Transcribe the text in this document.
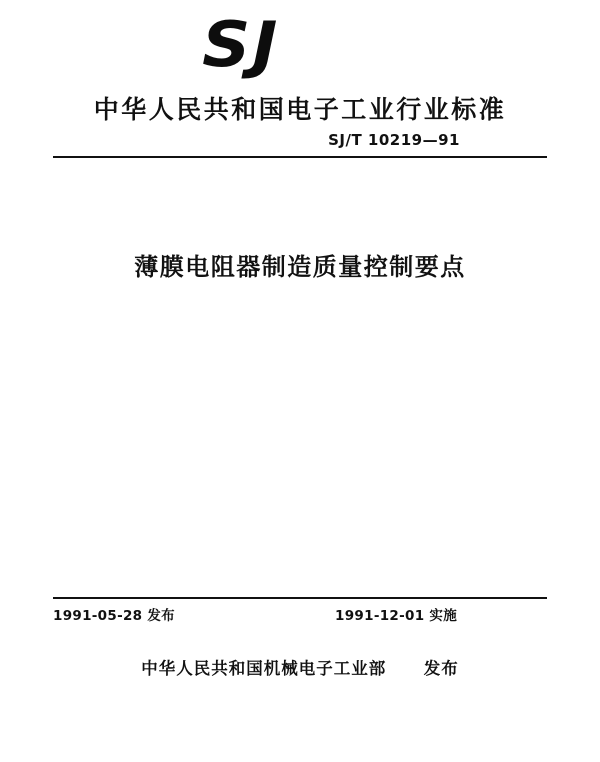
SJ
中华人民共和国电子工业行业标准
SJ/T 10219—91
薄膜电阻器制造质量控制要点
1991-05-28 发布	1991-12-01 实施
中华人民共和国机械电子工业部 发布
